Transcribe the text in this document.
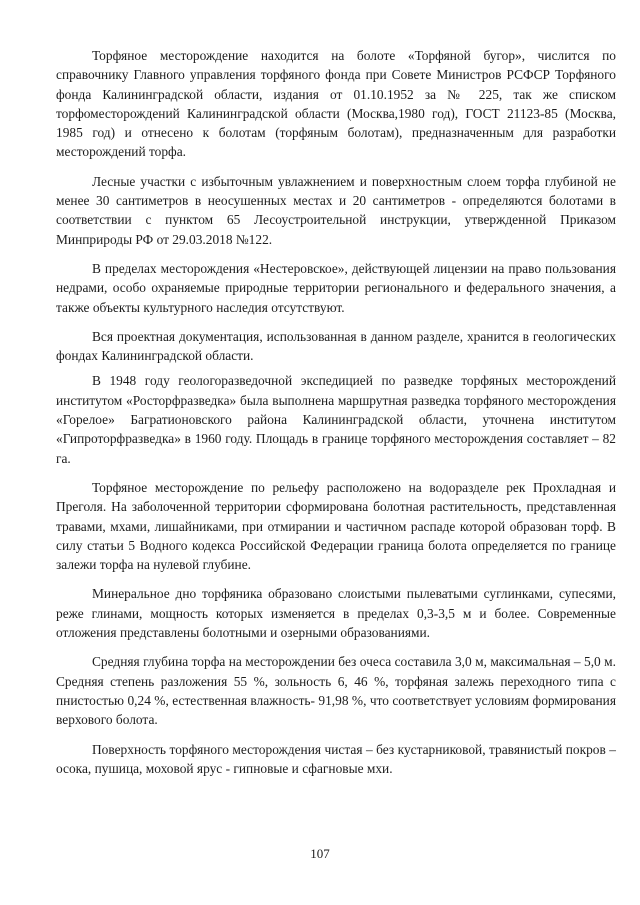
Торфяное месторождение находится на болоте «Торфяной бугор», числится по справочнику Главного управления торфяного фонда при Совете Министров РСФСР Торфяного фонда Калининградской области, издания от 01.10.1952 за № 225, так же списком торфоместорождений Калининградской области (Москва,1980 год), ГОСТ 21123-85 (Москва, 1985 год) и отнесено к болотам (торфяным болотам), предназначенным для разработки месторождений торфа.

Лесные участки с избыточным увлажнением и поверхностным слоем торфа глубиной не менее 30 сантиметров в неосушенных местах и 20 сантиметров - определяются болотами в соответствии с пунктом 65 Лесоустроительной инструкции, утвержденной Приказом Минприроды РФ от 29.03.2018 №122.

В пределах месторождения «Нестеровское», действующей лицензии на право пользования недрами, особо охраняемые природные территории регионального и федерального значения, а также объекты культурного наследия отсутствуют.

Вся проектная документация, использованная в данном разделе, хранится в геологических фондах Калининградской области.

В 1948 году геологоразведочной экспедицией по разведке торфяных месторождений институтом «Росторфразведка» была выполнена маршрутная разведка торфяного месторождения «Горелое» Багратионовского района Калининградской области, уточнена институтом «Гипроторфразведка» в 1960 году. Площадь в границе торфяного месторождения составляет – 82 га.

Торфяное месторождение по рельефу расположено на водоразделе рек Прохладная и Преголя. На заболоченной территории сформирована болотная растительность, представленная травами, мхами, лишайниками, при отмирании и частичном распаде которой образован торф. В силу статьи 5 Водного кодекса Российской Федерации граница болота определяется по границе залежи торфа на нулевой глубине.

Минеральное дно торфяника образовано слоистыми пылеватыми суглинками, супесями, реже глинами, мощность которых изменяется в пределах 0,3-3,5 м и более. Современные отложения представлены болотными и озерными образованиями.

Средняя глубина торфа на месторождении без очеса составила 3,0 м, максимальная – 5,0 м. Средняя степень разложения 55 %, зольность 6, 46 %, торфяная залежь переходного типа с пнистостью 0,24 %, естественная влажность- 91,98 %, что соответствует условиям формирования верхового болота.

Поверхность торфяного месторождения чистая – без кустарниковой, травянистый покров – осока, пушица, моховой ярус - гипновые и сфагновые мхи.

107
